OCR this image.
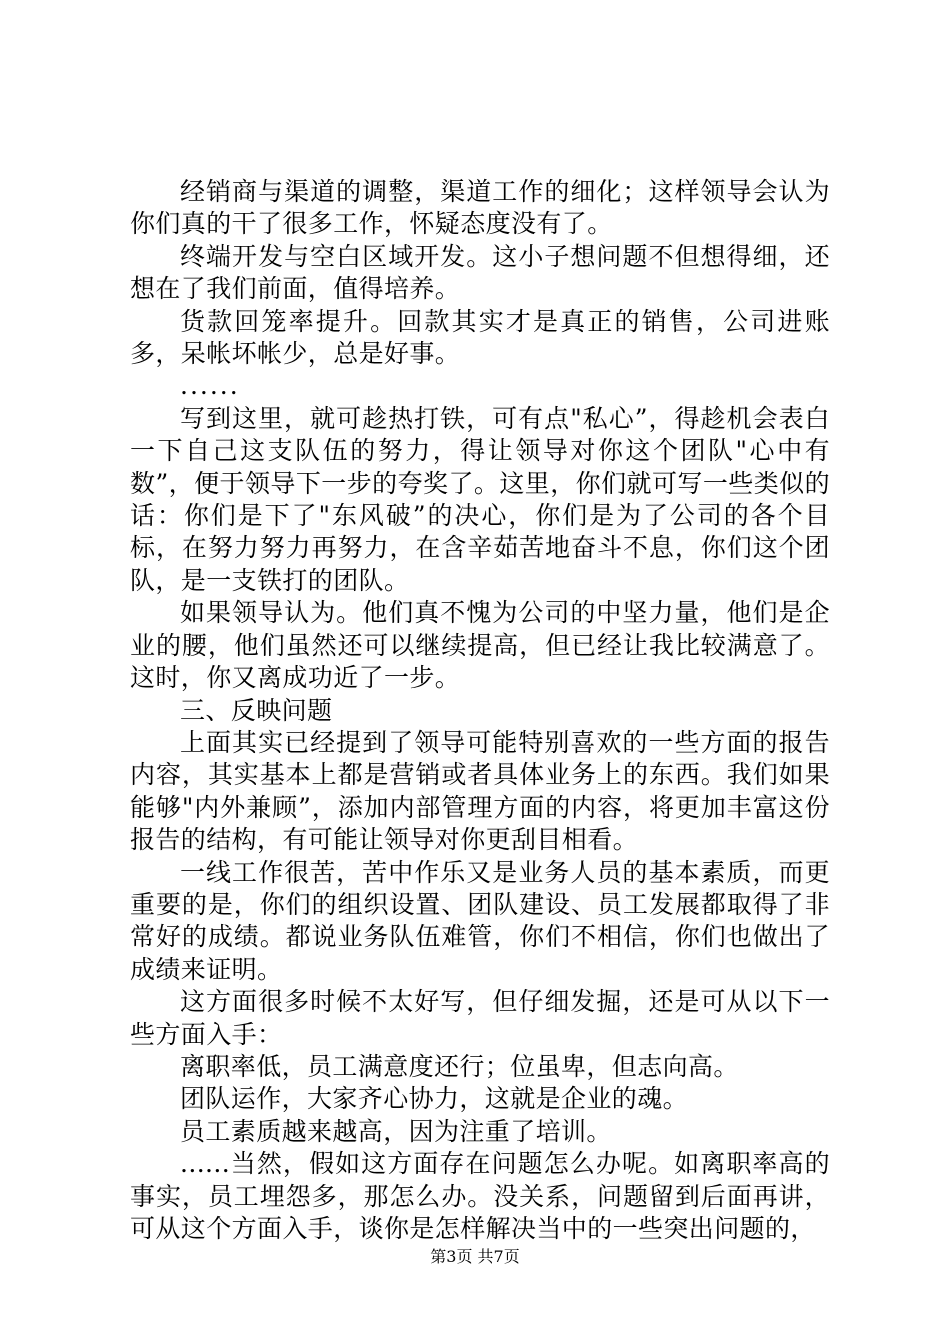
经销商与渠道的调整，渠道工作的细化；这样领导会认为你们真的干了很多工作，怀疑态度没有了。

终端开发与空白区域开发。这小子想问题不但想得细，还想在了我们前面，值得培养。

货款回笼率提升。回款其实才是真正的销售，公司进账多，呆帐坏帐少，总是好事。

......

写到这里，就可趁热打铁，可有点"私心”，得趁机会表白一下自己这支队伍的努力，得让领导对你这个团队"心中有数”，便于领导下一步的夸奖了。这里，你们就可写一些类似的话：你们是下了"东风破”的决心，你们是为了公司的各个目标，在努力努力再努力，在含辛茹苦地奋斗不息，你们这个团队，是一支铁打的团队。

如果领导认为。他们真不愧为公司的中坚力量，他们是企业的腰，他们虽然还可以继续提高，但已经让我比较满意了。这时，你又离成功近了一步。

三、反映问题

上面其实已经提到了领导可能特别喜欢的一些方面的报告内容，其实基本上都是营销或者具体业务上的东西。我们如果能够"内外兼顾”，添加内部管理方面的内容，将更加丰富这份报告的结构，有可能让领导对你更刮目相看。

一线工作很苦，苦中作乐又是业务人员的基本素质，而更重要的是，你们的组织设置、团队建设、员工发展都取得了非常好的成绩。都说业务队伍难管，你们不相信，你们也做出了成绩来证明。

这方面很多时候不太好写，但仔细发掘，还是可从以下一些方面入手：

离职率低，员工满意度还行；位虽卑，但志向高。

团队运作，大家齐心协力，这就是企业的魂。

员工素质越来越高，因为注重了培训。

......当然，假如这方面存在问题怎么办呢。如离职率高的事实，员工埋怨多，那怎么办。没关系，问题留到后面再讲，可从这个方面入手，谈你是怎样解决当中的一些突出问题的，

第3页 共7页
